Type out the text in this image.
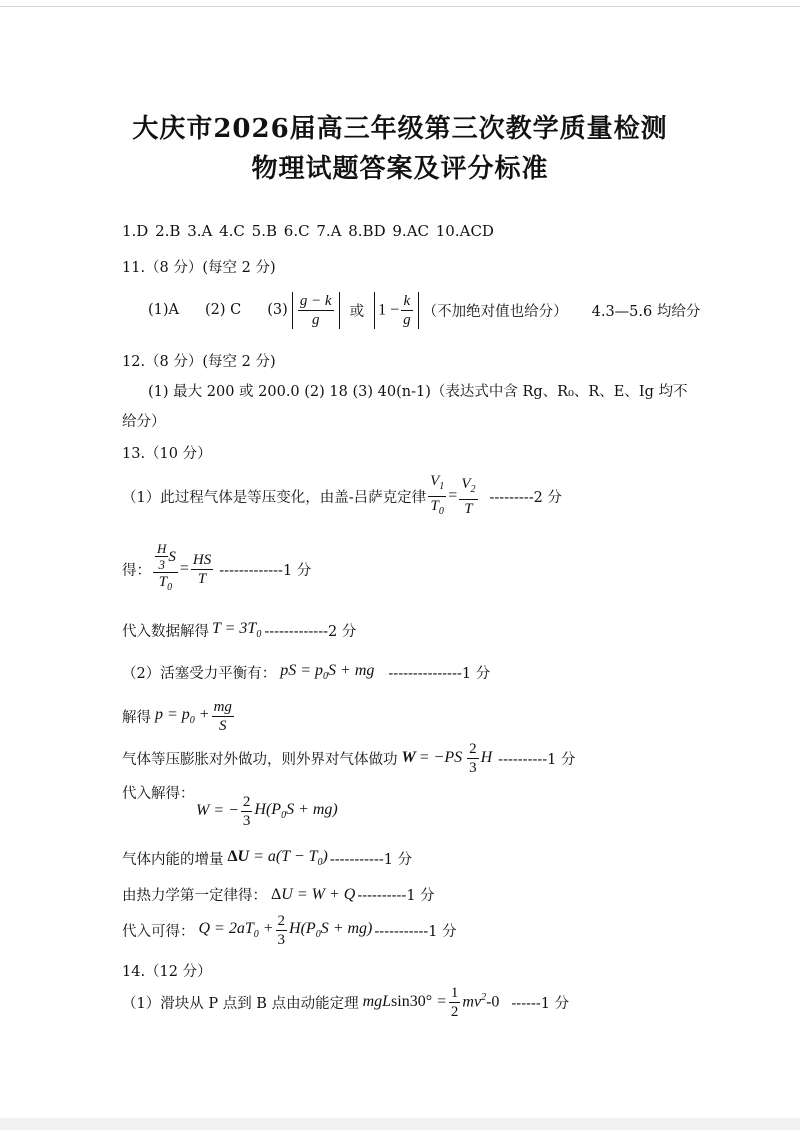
大庆市2026届高三年级第三次教学质量检测
物理试题答案及评分标准
1.D 2.B 3.A 4.C 5.B 6.C 7.A 8.BD 9.AC 10.ACD
11.（8 分）(每空 2 分)
(1)A (2) C $(3) \frac{g - k}{g}$ 或 $1 - \frac{k}{g}$ （不加绝对值也给分） 4.3—5.6 均给分
12.（8 分）(每空 2 分)
(1) 最大 200 或 200.0 (2) 18 (3) 40(n-1)（表达式中含 Rg、R₀、R、E、Ig 均不
给分）
13.（10 分）
（1）此过程气体是等压变化，由盖-吕萨克定律 $\frac{V_1}{T_0} = \frac{V_2}{T} ---------2$ 分
得： $\frac{\frac{H}{3} S}{T_0} = \frac{HS}{T} -------------1$ 分
代入数据解得 $T = 3T_0$ -------------2 分
（2）活塞受力平衡有： pS = $p_0S$ + mg ---------------1 分
解得 $p = p_0 + \frac{mg}{S}$
气体等压膨胀对外做功，则外界对气体做功 $W = -PS \frac{2}{3}$ H ----------1 分
代入解得：
W = − $\frac{2}{3} H(P_0S + mg)$
气体内能的增量 $\Delta U = a(T - T_0)$ -----------1 分
由热力学第一定律得： ΔU = W + Q ----------1 分
代入可得： $Q = 2aT_0 + \frac{2}{3} H(P_0S + mg)$ -----------1 分
14.（12 分）
（1）滑块从 P 点到 B 点由动能定理 $mgLsin30^\circ = \frac{1}{2} mv^2-0$ ------1 分
